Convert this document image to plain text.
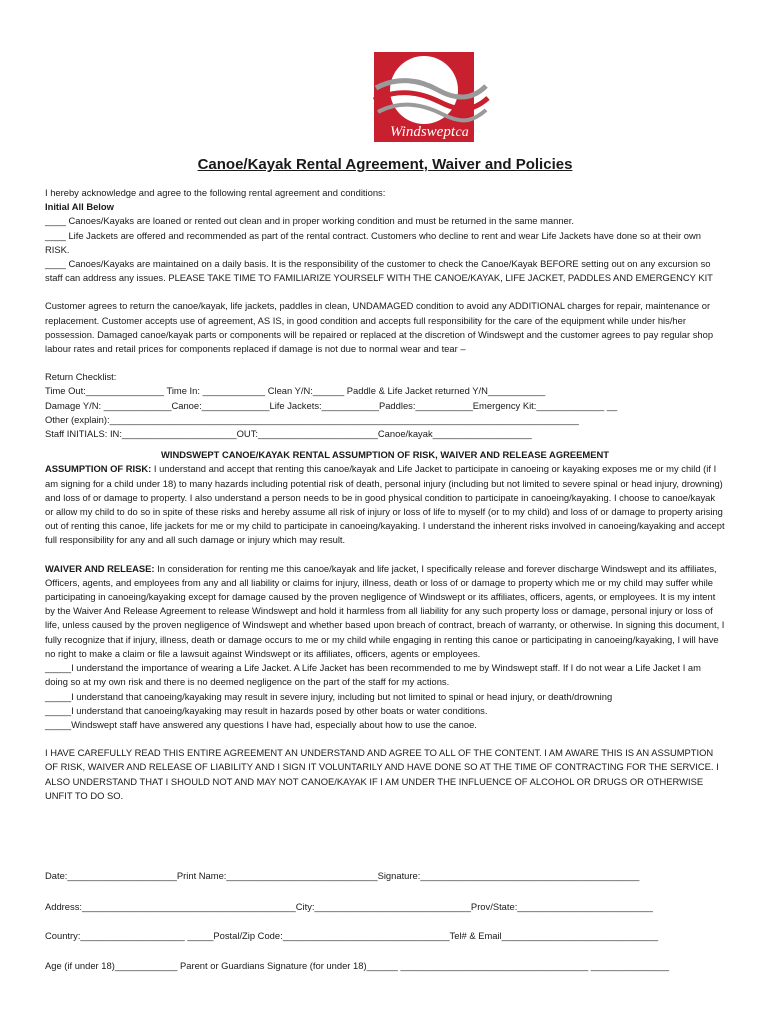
Windswept
.ca
Canoe/Kayak Rental Agreement, Waiver and Policies

I hereby acknowledge and agree to the following rental agreement and conditions:

Initial All Below

____ Canoes/Kayaks are loaned or rented out clean and in proper working condition and must be returned in the same manner.

____ Life Jackets are offered and recommended as part of the rental contract. Customers who decline to rent and wear Life Jackets have done so at their own RISK.

____ Canoes/Kayaks are maintained on a daily basis. It is the responsibility of the customer to check the Canoe/Kayak BEFORE setting out on any excursion so staff can address any issues. PLEASE TAKE TIME TO FAMILIARIZE YOURSELF WITH THE CANOE/KAYAK, LIFE JACKET, PADDLES AND EMERGENCY KIT

Customer agrees to return the canoe/kayak, life jackets, paddles in clean, UNDAMAGED condition to avoid any ADDITIONAL charges for repair, maintenance or replacement. Customer accepts use of agreement, AS IS, in good condition and accepts full responsibility for the care of the equipment while under his/her possession. Damaged canoe/kayak parts or components will be repaired or replaced at the discretion of Windswept and the customer agrees to pay regular shop labour rates and retail prices for components replaced if damage is not due to normal wear and tear –

Return Checklist:

Time Out:_______________ Time In: ____________ Clean Y/N:______ Paddle & Life Jacket returned Y/N___________

Damage Y/N: _____________Canoe:_____________Life Jackets:___________Paddles:___________Emergency Kit:_____________ __

Other (explain):__________________________________________________________________________________________

Staff INITIALS: IN:______________________OUT:_______________________Canoe/kayak___________________

WINDSWEPT CANOE/KAYAK RENTAL ASSUMPTION OF RISK, WAIVER AND RELEASE AGREEMENT

ASSUMPTION OF RISK: I understand and accept that renting this canoe/kayak and Life Jacket to participate in canoeing or kayaking exposes me or my child (if I am signing for a child under 18) to many hazards including potential risk of death, personal injury (including but not limited to severe spinal or head injury, drowning) and loss of or damage to property. I also understand a person needs to be in good physical condition to participate in canoeing/kayaking. I choose to canoe/kayak or allow my child to do so in spite of these risks and hereby assume all risk of injury or loss of life to myself (or to my child) and loss of or damage to property arising out of renting this canoe, life jackets for me or my child to participate in canoeing/kayaking. I understand the inherent risks involved in canoeing/kayaking and accept full responsibility for any and all such damage or injury which may result.

WAIVER AND RELEASE: In consideration for renting me this canoe/kayak and life jacket, I specifically release and forever discharge Windswept and its affiliates, Officers, agents, and employees from any and all liability or claims for injury, illness, death or loss of or damage to property which me or my child may suffer while participating in canoeing/kayaking except for damage caused by the proven negligence of Windswept or its affiliates, officers, agents, or employees. It is my intent by the Waiver And Release Agreement to release Windswept and hold it harmless from all liability for any such property loss or damage, personal injury or loss of life, unless caused by the proven negligence of Windswept and whether based upon breach of contract, breach of warranty, or otherwise. In signing this document, I fully recognize that if injury, illness, death or damage occurs to me or my child while engaging in renting this canoe or participating in canoeing/kayaking, I will have no right to make a claim or file a lawsuit against Windswept or its affiliates, officers, agents or employees.

_____I understand the importance of wearing a Life Jacket. A Life Jacket has been recommended to me by Windswept staff. If I do not wear a Life Jacket I am doing so at my own risk and there is no deemed negligence on the part of the staff for my actions.

_____I understand that canoeing/kayaking may result in severe injury, including but not limited to spinal or head injury, or death/drowning

_____I understand that canoeing/kayaking may result in hazards posed by other boats or water conditions.

_____Windswept staff have answered any questions I have had, especially about how to use the canoe.

I HAVE CAREFULLY READ THIS ENTIRE AGREEMENT AN UNDERSTAND AND AGREE TO ALL OF THE CONTENT. I AM AWARE THIS IS AN ASSUMPTION OF RISK, WAIVER AND RELEASE OF LIABILITY AND I SIGN IT VOLUNTARILY AND HAVE DONE SO AT THE TIME OF CONTRACTING FOR THE SERVICE. I ALSO UNDERSTAND THAT I SHOULD NOT AND MAY NOT CANOE/KAYAK IF I AM UNDER THE INFLUENCE OF ALCOHOL OR DRUGS OR OTHERWISE UNFIT TO DO SO.

Date:_____________________Print Name:_____________________________Signature:__________________________________________
Address:_________________________________________City:______________________________Prov/State:__________________________
Country:____________________ _____Postal/Zip Code:________________________________Tel# & Email______________________________
Age (if under 18)____________ Parent or Guardians Signature (for under 18)______ ____________________________________ _______________
